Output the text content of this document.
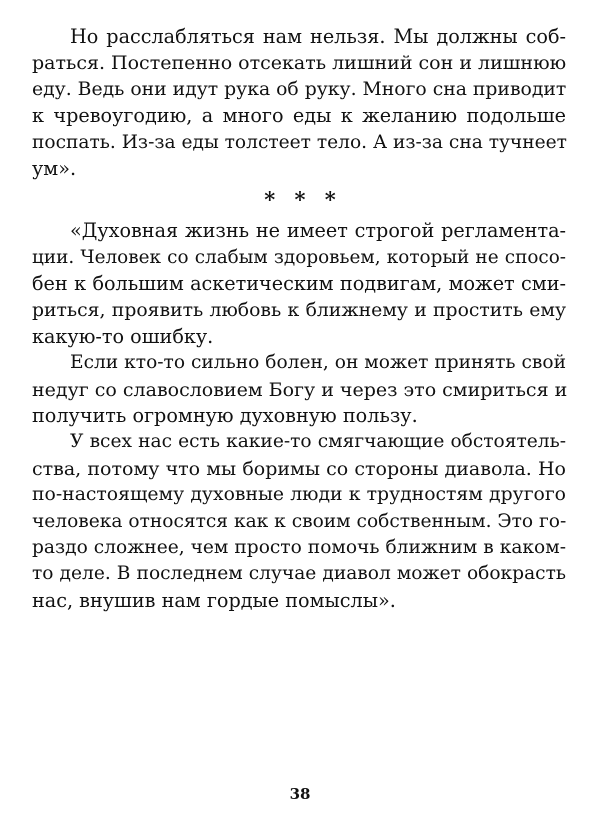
Но расслабляться нам нельзя. Мы должны соб-
раться. Постепенно отсекать лишний сон и лишнюю
еду. Ведь они идут рука об руку. Много сна приводит
к чревоугодию, а много еды к желанию подольше
поспать. Из-за еды толстеет тело. А из-за сна тучнеет
ум».
* * *
«Духовная жизнь не имеет строгой регламента-
ции. Человек со слабым здоровьем, который не спосо-
бен к большим аскетическим подвигам, может сми-
риться, проявить любовь к ближнему и простить ему
какую-то ошибку.
Если кто-то сильно болен, он может принять свой
недуг со славословием Богу и через это смириться и
получить огромную духовную пользу.
У всех нас есть какие-то смягчающие обстоятель-
ства, потому что мы боримы со стороны диавола. Но
по-настоящему духовные люди к трудностям другого
человека относятся как к своим собственным. Это го-
раздо сложнее, чем просто помочь ближним в каком-
то деле. В последнем случае диавол может обокрасть
нас, внушив нам гордые помыслы».
38
